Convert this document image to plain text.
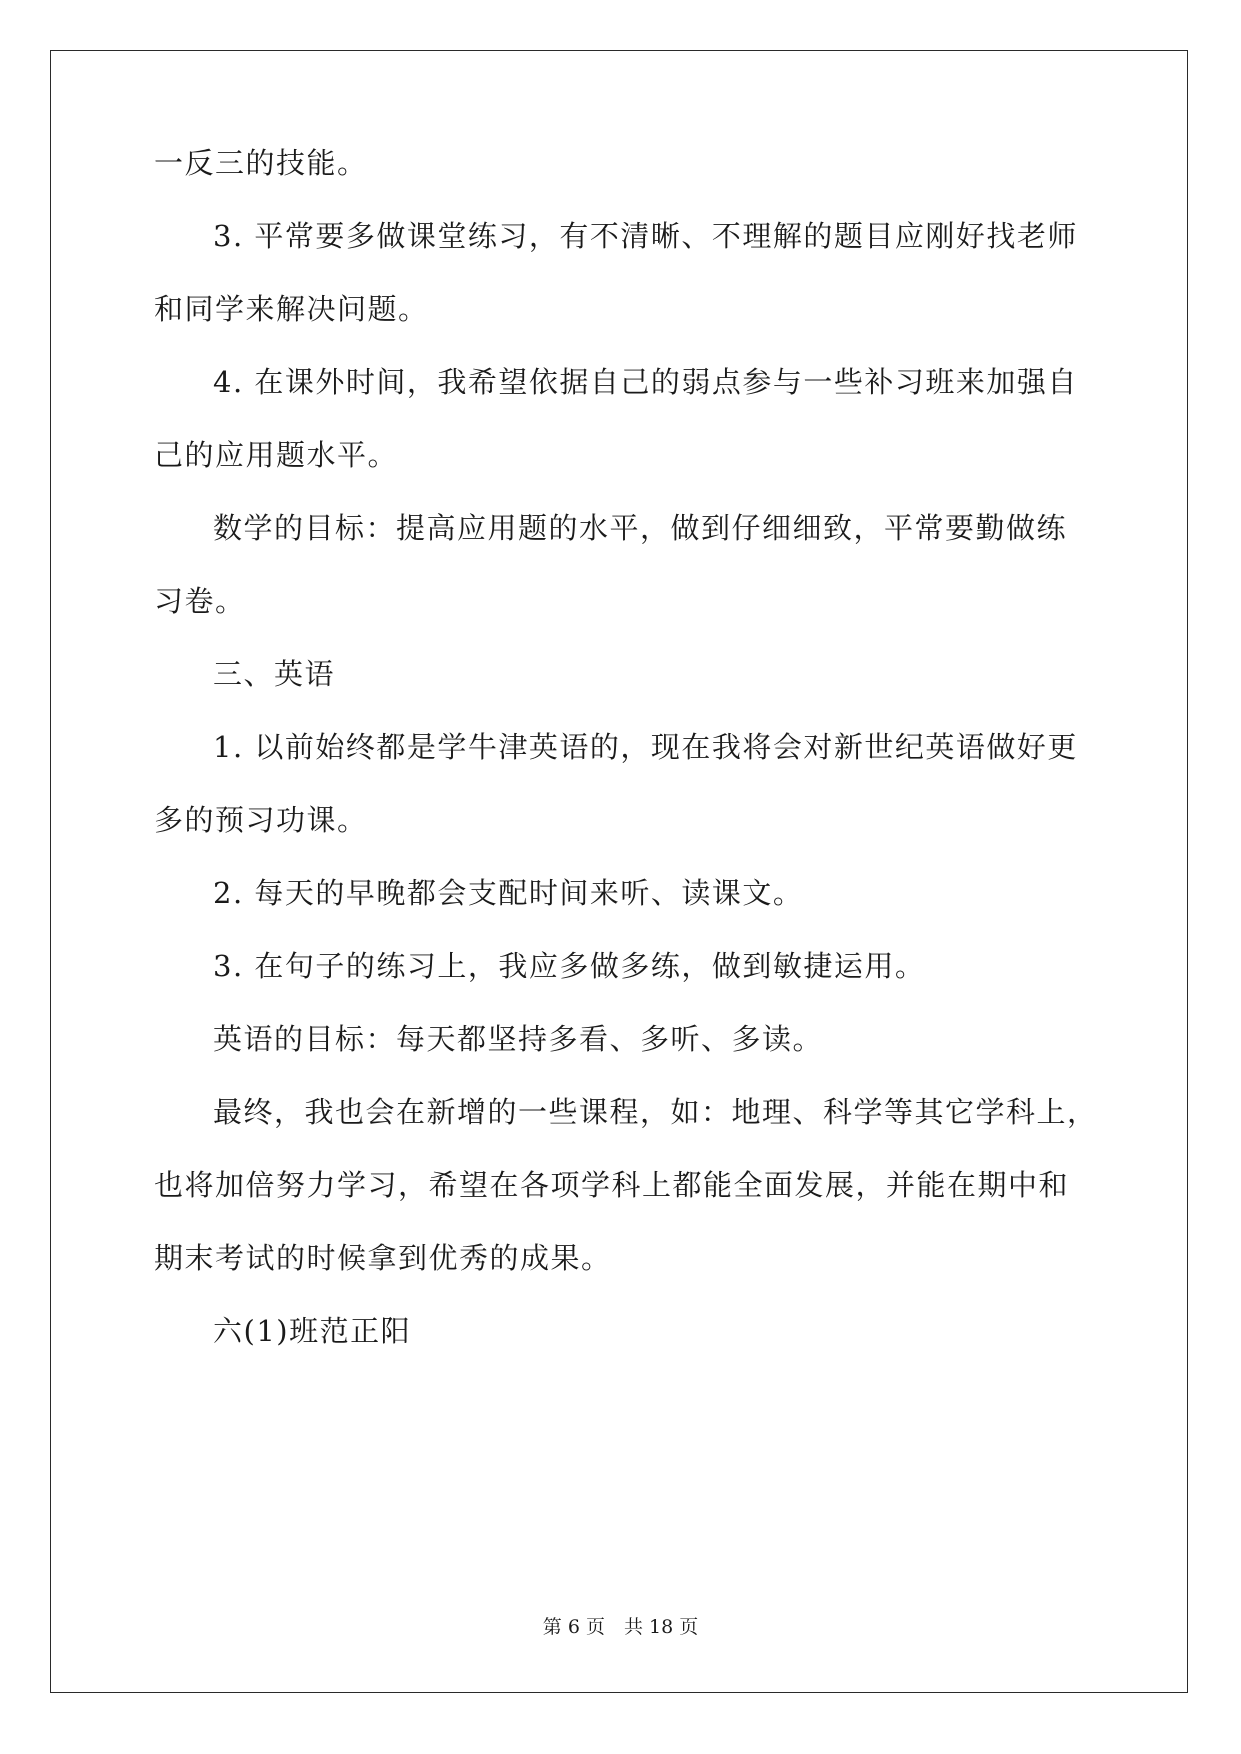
一反三的技能。
3. 平常要多做课堂练习，有不清晰、不理解的题目应刚好找老师
和同学来解决问题。
4. 在课外时间，我希望依据自己的弱点参与一些补习班来加强自
己的应用题水平。
数学的目标：提高应用题的水平，做到仔细细致，平常要勤做练
习卷。
三、英语
1. 以前始终都是学牛津英语的，现在我将会对新世纪英语做好更
多的预习功课。
2. 每天的早晚都会支配时间来听、读课文。
3. 在句子的练习上，我应多做多练，做到敏捷运用。
英语的目标：每天都坚持多看、多听、多读。
最终，我也会在新增的一些课程，如：地理、科学等其它学科上，
也将加倍努力学习，希望在各项学科上都能全面发展，并能在期中和
期末考试的时候拿到优秀的成果。
六(1)班范正阳
第 6 页　共 18 页
